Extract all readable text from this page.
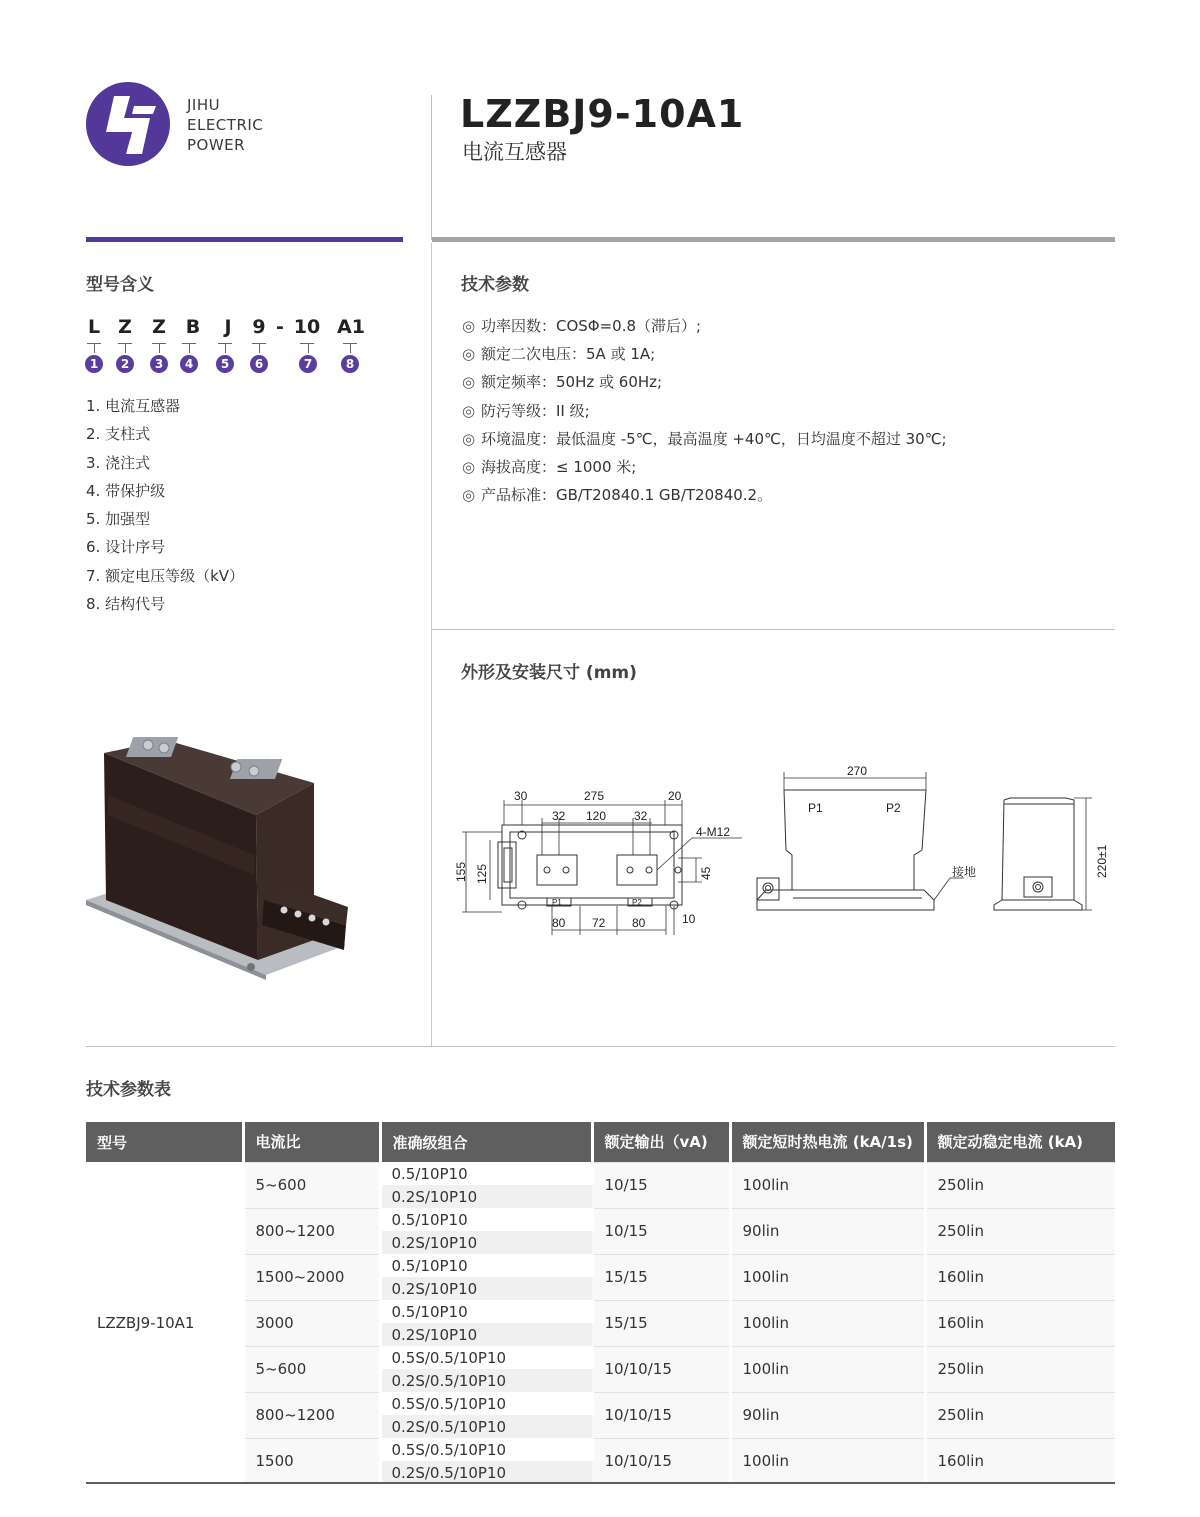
JIHU
ELECTRIC
POWER
LZZBJ9-10A1
电流互感器
型号含义
L Z Z B	J	9 - 10 A1
1	2	3	4	5	6	7	8
1. 电流互感器
2. 支柱式
3. 浇注式
4. 带保护级
5. 加强型
6. 设计序号
7. 额定电压等级（kV）
8. 结构代号
技术参数
◎ 功率因数：COSΦ=0.8（滞后）;
◎ 额定二次电压：5A 或 1A;
◎ 额定频率：50Hz 或 60Hz;
◎ 防污等级：II 级;
◎ 环境温度：最低温度 -5℃，最高温度 +40℃，日均温度不超过 30℃;
◎ 海拔高度：≤ 1000 米;
◎ 产品标准：GB/T20840.1 GB/T20840.2。
外形及安装尺寸 (mm)
30	275	20
32 120 32
4-M12
155 125	45
80 72 80	10
P1	P2
270
P1	P2
接地	220±1
技术参数表
型号	电流比	准确级组合	额定输出（vA)	额定短时热电流 (kA/1s)	额定动稳定电流 (kA)
LZZBJ9-10A1	5~600	0.5/10P10	10/15	100lin	250lin
		0.2S/10P10			
	800~1200	0.5/10P10	10/15	90lin	250lin
		0.2S/10P10			
	1500~2000	0.5/10P10	15/15	100lin	160lin
		0.2S/10P10			
	3000	0.5/10P10	15/15	100lin	160lin
		0.2S/10P10			
	5~600	0.5S/0.5/10P10	10/10/15	100lin	250lin
		0.2S/0.5/10P10			
	800~1200	0.5S/0.5/10P10	10/10/15	90lin	250lin
		0.2S/0.5/10P10			
	1500	0.5S/0.5/10P10	10/10/15	100lin	160lin
		0.2S/0.5/10P10			
